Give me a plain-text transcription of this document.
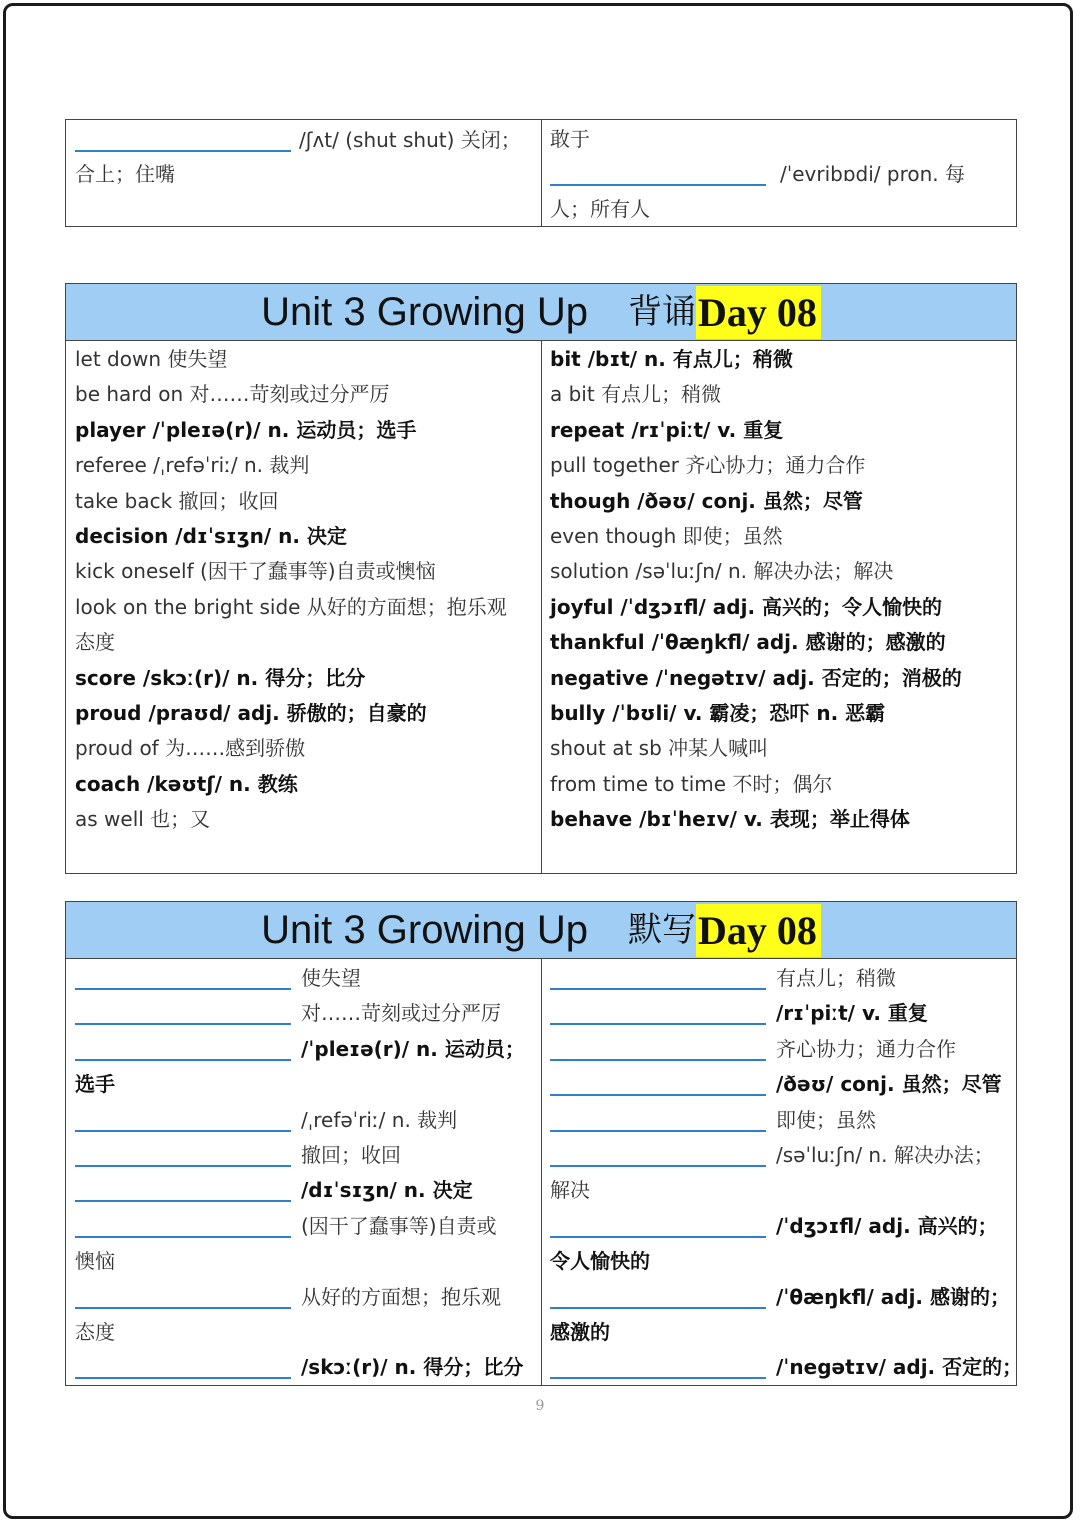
/ʃʌt/ (shut shut) 关闭；
合上；住嘴
敢于
/ˈevribɒdi/ pron. 每
人；所有人
Unit 3 Growing Up 背诵Day 08
let down 使失望
be hard on 对……苛刻或过分严厉
player /ˈpleɪə(r)/ n. 运动员；选手
referee /ˌrefəˈriː/ n. 裁判
take back 撤回；收回
decision /dɪˈsɪʒn/ n. 决定
kick oneself (因干了蠢事等)自责或懊恼
look on the bright side 从好的方面想；抱乐观
态度
score /skɔː(r)/ n. 得分；比分
proud /praʊd/ adj. 骄傲的；自豪的
proud of 为……感到骄傲
coach /kəʊtʃ/ n. 教练
as well 也；又
bit /bɪt/ n. 有点儿；稍微
a bit 有点儿；稍微
repeat /rɪˈpiːt/ v. 重复
pull together 齐心协力；通力合作
though /ðəʊ/ conj. 虽然；尽管
even though 即使；虽然
solution /səˈluːʃn/ n. 解决办法；解决
joyful /ˈdʒɔɪfl/ adj. 高兴的；令人愉快的
thankful /ˈθæŋkfl/ adj. 感谢的；感激的
negative /ˈnegətɪv/ adj. 否定的；消极的
bully /ˈbʊli/ v. 霸凌；恐吓 n. 恶霸
shout at sb 冲某人喊叫
from time to time 不时；偶尔
behave /bɪˈheɪv/ v. 表现；举止得体
Unit 3 Growing Up 默写Day 08
使失望
对……苛刻或过分严厉
/ˈpleɪə(r)/ n. 运动员；
选手
/ˌrefəˈriː/ n. 裁判
撤回；收回
/dɪˈsɪʒn/ n. 决定
(因干了蠢事等)自责或
懊恼
从好的方面想；抱乐观
态度
/skɔː(r)/ n. 得分；比分
有点儿；稍微
/rɪˈpiːt/ v. 重复
齐心协力；通力合作
/ðəʊ/ conj. 虽然；尽管
即使；虽然
/səˈluːʃn/ n. 解决办法；
解决
/ˈdʒɔɪfl/ adj. 高兴的；
令人愉快的
/ˈθæŋkfl/ adj. 感谢的；
感激的
/ˈnegətɪv/ adj. 否定的；
9
